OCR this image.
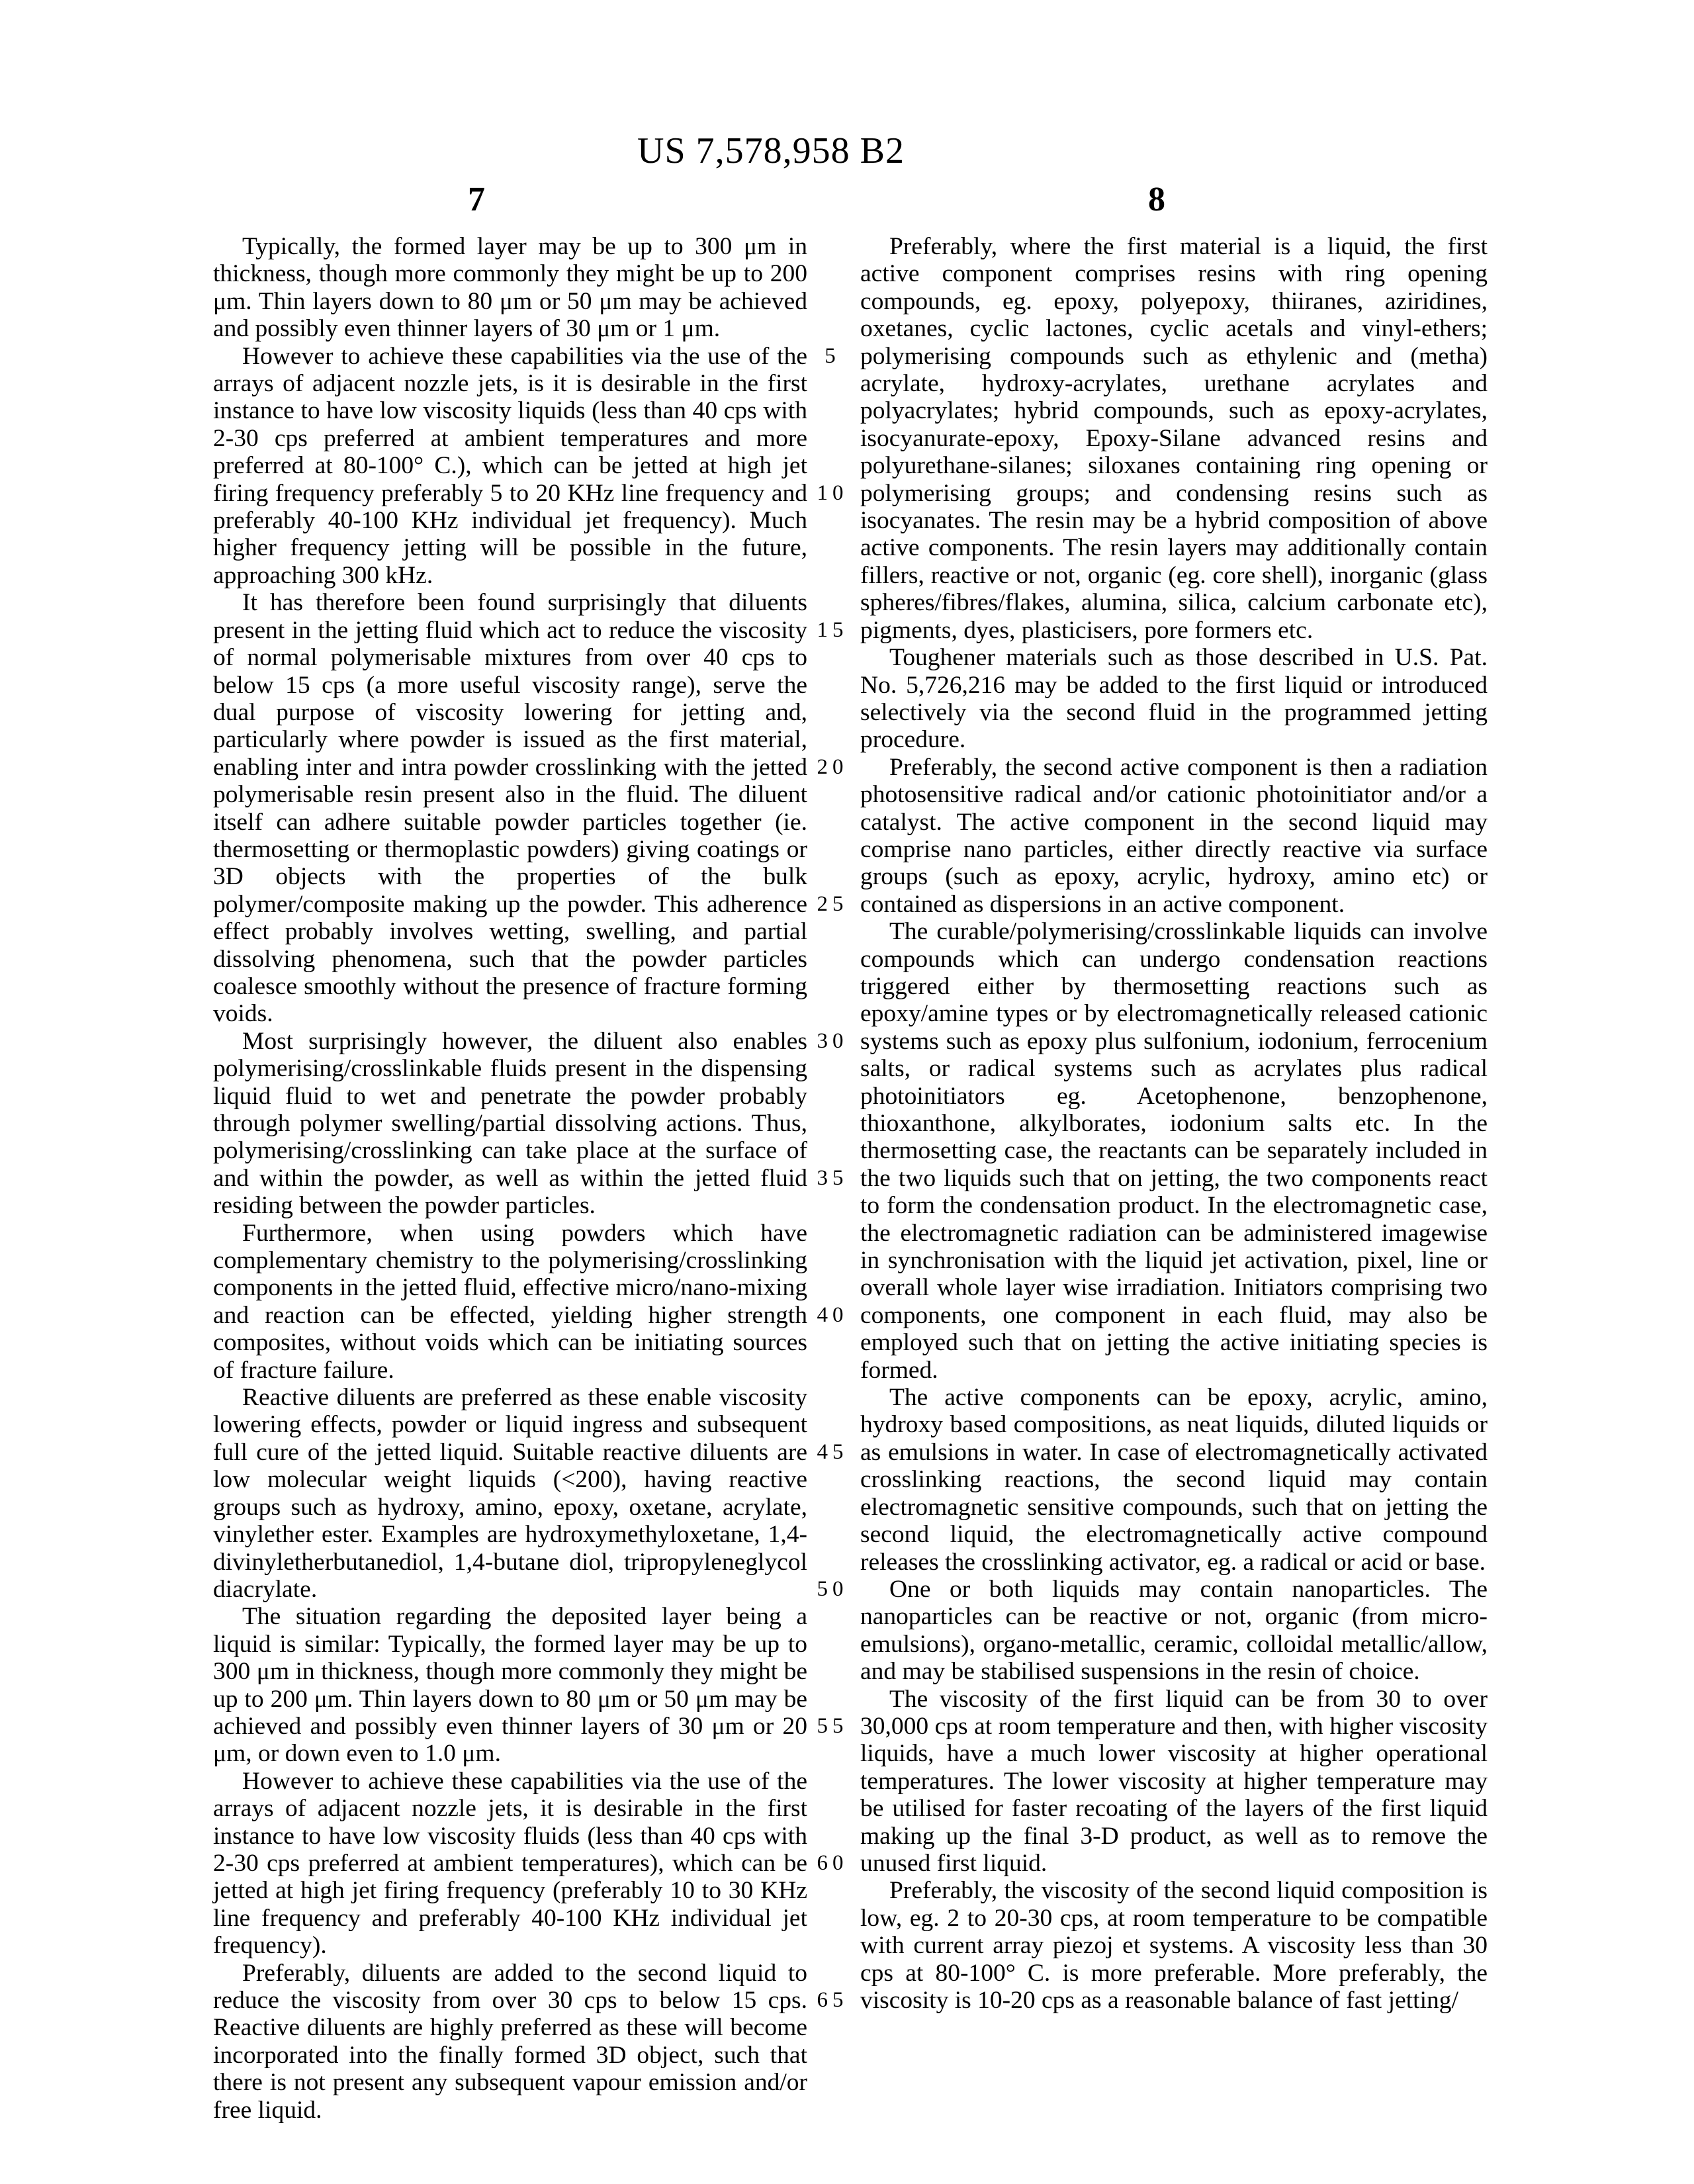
US 7,578,958 B2
7	8
5
10
15
20
25
30
35
40
45
50
55
60
65

Typically, the formed layer may be up to 300 μm in thickness, though more commonly they might be up to 200 μm. Thin layers down to 80 μm or 50 μm may be achieved and possibly even thinner layers of 30 μm or 1 μm.

However to achieve these capabilities via the use of the arrays of adjacent nozzle jets, is it is desirable in the first instance to have low viscosity liquids (less than 40 cps with 2-30 cps preferred at ambient temperatures and more preferred at 80-100° C.), which can be jetted at high jet firing frequency preferably 5 to 20 KHz line frequency and preferably 40-100 KHz individual jet frequency). Much higher frequency jetting will be possible in the future, approaching 300 kHz.

It has therefore been found surprisingly that diluents present in the jetting fluid which act to reduce the viscosity of normal polymerisable mixtures from over 40 cps to below 15 cps (a more useful viscosity range), serve the dual purpose of viscosity lowering for jetting and, particularly where powder is issued as the first material, enabling inter and intra powder crosslinking with the jetted polymerisable resin present also in the fluid. The diluent itself can adhere suitable powder particles together (ie. thermosetting or thermoplastic powders) giving coatings or 3D objects with the properties of the bulk polymer/composite making up the powder. This adherence effect probably involves wetting, swelling, and partial dissolving phenomena, such that the powder particles coalesce smoothly without the presence of fracture forming voids.

Most surprisingly however, the diluent also enables polymerising/crosslinkable fluids present in the dispensing liquid fluid to wet and penetrate the powder probably through polymer swelling/partial dissolving actions. Thus, polymerising/crosslinking can take place at the surface of and within the powder, as well as within the jetted fluid residing between the powder particles.

Furthermore, when using powders which have complementary chemistry to the polymerising/crosslinking components in the jetted fluid, effective micro/nano-mixing and reaction can be effected, yielding higher strength composites, without voids which can be initiating sources of fracture failure.

Reactive diluents are preferred as these enable viscosity lowering effects, powder or liquid ingress and subsequent full cure of the jetted liquid. Suitable reactive diluents are low molecular weight liquids (<200), having reactive groups such as hydroxy, amino, epoxy, oxetane, acrylate, vinylether ester. Examples are hydroxymethyloxetane, 1,4-divinyletherbutanediol, 1,4-butane diol, tripropyleneglycol diacrylate.

The situation regarding the deposited layer being a liquid is similar: Typically, the formed layer may be up to 300 μm in thickness, though more commonly they might be up to 200 μm. Thin layers down to 80 μm or 50 μm may be achieved and possibly even thinner layers of 30 μm or 20 μm, or down even to 1.0 μm.

However to achieve these capabilities via the use of the arrays of adjacent nozzle jets, it is desirable in the first instance to have low viscosity fluids (less than 40 cps with 2-30 cps preferred at ambient temperatures), which can be jetted at high jet firing frequency (preferably 10 to 30 KHz line frequency and preferably 40-100 KHz individual jet frequency).

Preferably, diluents are added to the second liquid to reduce the viscosity from over 30 cps to below 15 cps. Reactive diluents are highly preferred as these will become incorporated into the finally formed 3D object, such that there is not present any subsequent vapour emission and/or free liquid.

Preferably, where the first material is a liquid, the first active component comprises resins with ring opening compounds, eg. epoxy, polyepoxy, thiiranes, aziridines, oxetanes, cyclic lactones, cyclic acetals and vinyl-ethers; polymerising compounds such as ethylenic and (metha) acrylate, hydroxy-acrylates, urethane acrylates and polyacrylates; hybrid compounds, such as epoxy-acrylates, isocyanurate-epoxy, Epoxy-Silane advanced resins and polyurethane-silanes; siloxanes containing ring opening or polymerising groups; and condensing resins such as isocyanates. The resin may be a hybrid composition of above active components. The resin layers may additionally contain fillers, reactive or not, organic (eg. core shell), inorganic (glass spheres/fibres/flakes, alumina, silica, calcium carbonate etc), pigments, dyes, plasticisers, pore formers etc.

Toughener materials such as those described in U.S. Pat. No. 5,726,216 may be added to the first liquid or introduced selectively via the second fluid in the programmed jetting procedure.

Preferably, the second active component is then a radiation photosensitive radical and/or cationic photoinitiator and/or a catalyst. The active component in the second liquid may comprise nano particles, either directly reactive via surface groups (such as epoxy, acrylic, hydroxy, amino etc) or contained as dispersions in an active component.

The curable/polymerising/crosslinkable liquids can involve compounds which can undergo condensation reactions triggered either by thermosetting reactions such as epoxy/amine types or by electromagnetically released cationic systems such as epoxy plus sulfonium, iodonium, ferrocenium salts, or radical systems such as acrylates plus radical photoinitiators eg. Acetophenone, benzophenone, thioxanthone, alkylborates, iodonium salts etc. In the thermosetting case, the reactants can be separately included in the two liquids such that on jetting, the two components react to form the condensation product. In the electromagnetic case, the electromagnetic radiation can be administered imagewise in synchronisation with the liquid jet activation, pixel, line or overall whole layer wise irradiation. Initiators comprising two components, one component in each fluid, may also be employed such that on jetting the active initiating species is formed.

The active components can be epoxy, acrylic, amino, hydroxy based compositions, as neat liquids, diluted liquids or as emulsions in water. In case of electromagnetically activated crosslinking reactions, the second liquid may contain electromagnetic sensitive compounds, such that on jetting the second liquid, the electromagnetically active compound releases the crosslinking activator, eg. a radical or acid or base.

One or both liquids may contain nanoparticles. The nanoparticles can be reactive or not, organic (from micro-emulsions), organo-metallic, ceramic, colloidal metallic/allow, and may be stabilised suspensions in the resin of choice.

The viscosity of the first liquid can be from 30 to over 30,000 cps at room temperature and then, with higher viscosity liquids, have a much lower viscosity at higher operational temperatures. The lower viscosity at higher temperature may be utilised for faster recoating of the layers of the first liquid making up the final 3-D product, as well as to remove the unused first liquid.

Preferably, the viscosity of the second liquid composition is low, eg. 2 to 20-30 cps, at room temperature to be compatible with current array piezoj et systems. A viscosity less than 30 cps at 80-100° C. is more preferable. More preferably, the viscosity is 10-20 cps as a reasonable balance of fast jetting/
